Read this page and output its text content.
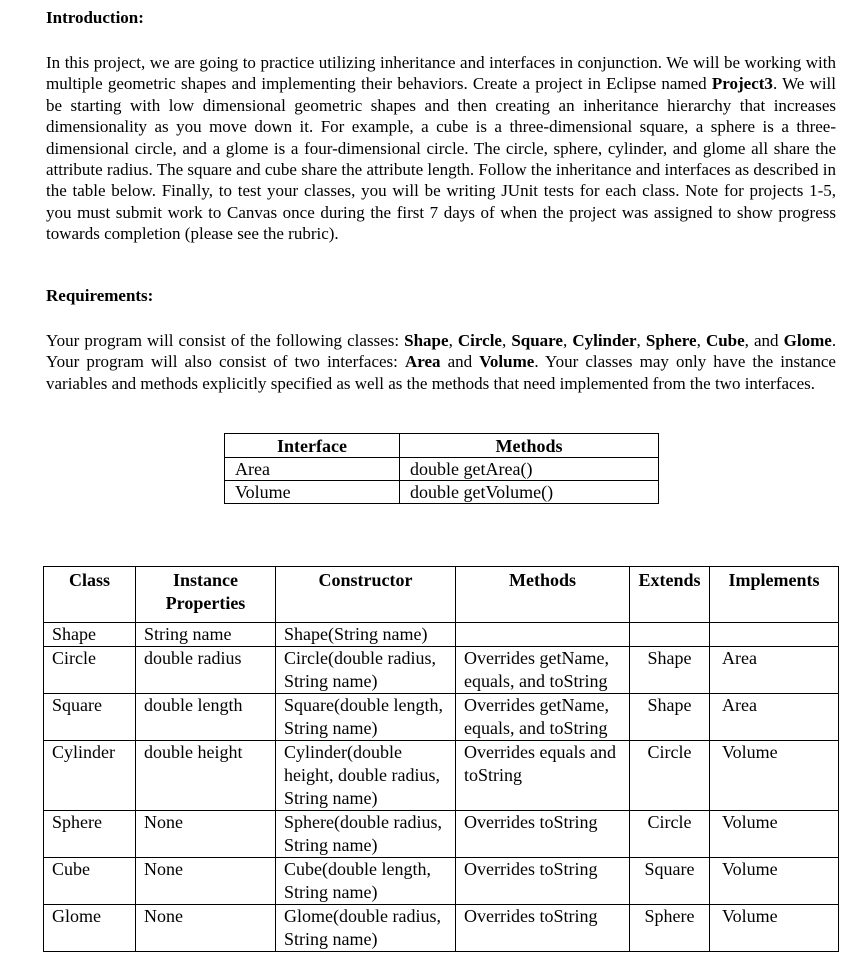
Introduction:

In this project, we are going to practice utilizing inheritance and interfaces in conjunction. We will be working with multiple geometric shapes and implementing their behaviors. Create a project in Eclipse named Project3. We will be starting with low dimensional geometric shapes and then creating an inheritance hierarchy that increases dimensionality as you move down it. For example, a cube is a three-dimensional square, a sphere is a three-dimensional circle, and a glome is a four-dimensional circle. The circle, sphere, cylinder, and glome all share the attribute radius. The square and cube share the attribute length. Follow the inheritance and interfaces as described in the table below. Finally, to test your classes, you will be writing JUnit tests for each class. Note for projects 1-5, you must submit work to Canvas once during the first 7 days of when the project was assigned to show progress towards completion (please see the rubric).

Requirements:

Your program will consist of the following classes: Shape, Circle, Square, Cylinder, Sphere, Cube, and Glome. Your program will also consist of two interfaces: Area and Volume. Your classes may only have the instance variables and methods explicitly specified as well as the methods that need implemented from the two interfaces.

Interface	Methods
Area	double getArea()
Volume	double getVolume()
Class	Instance Properties	Constructor	Methods	Extends	Implements
Shape	String name	Shape(String name)			
Circle	double radius	Circle(double radius, String name)	Overrides getName, equals, and toString	Shape	Area
Square	double length	Square(double length, String name)	Overrides getName, equals, and toString	Shape	Area
Cylinder	double height	Cylinder(double height, double radius, String name)	Overrides equals and toString	Circle	Volume
Sphere	None	Sphere(double radius, String name)	Overrides toString	Circle	Volume
Cube	None	Cube(double length, String name)	Overrides toString	Square	Volume
Glome	None	Glome(double radius, String name)	Overrides toString	Sphere	Volume
